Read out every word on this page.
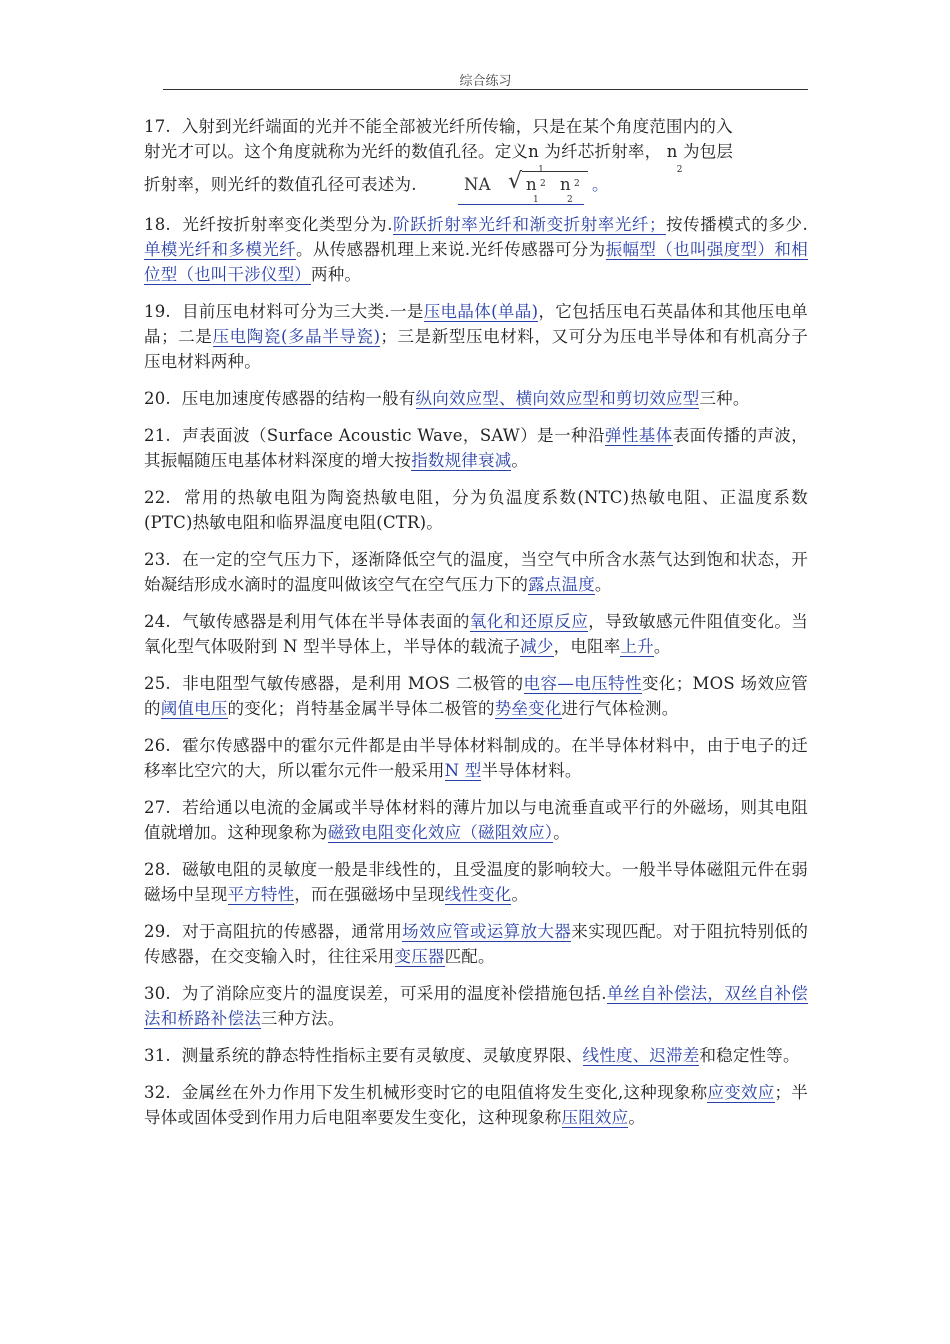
综合练习
17. 入射到光纤端面的光并不能全部被光纤所传输，只是在某个角度范围内的入
射光才可以。这个角度就称为光纤的数值孔径。定义n
1
为纤芯折射率， n
2
为包层
折射率，则光纤的数值孔径可表述为.	NA √ n 2
1
n 2
2
。
18. 光纤按折射率变化类型分为.阶跃折射率光纤和渐变折射率光纤；按传播模式的多少.单模光纤和多模光纤。从传感器机理上来说.光纤传感器可分为振幅型（也叫强度型）和相位型（也叫干涉仪型）两种。
19. 目前压电材料可分为三大类.一是压电晶体(单晶)，它包括压电石英晶体和其他压电单晶；二是压电陶瓷(多晶半导瓷)；三是新型压电材料，又可分为压电半导体和有机高分子压电材料两种。
20. 压电加速度传感器的结构一般有纵向效应型、横向效应型和剪切效应型三种。
21. 声表面波（Surface Acoustic Wave，SAW）是一种沿弹性基体表面传播的声波，其振幅随压电基体材料深度的增大按指数规律衰减。
22. 常用的热敏电阻为陶瓷热敏电阻，分为负温度系数(NTC)热敏电阻、正温度系数(PTC)热敏电阻和临界温度电阻(CTR)。
23. 在一定的空气压力下，逐渐降低空气的温度，当空气中所含水蒸气达到饱和状态，开始凝结形成水滴时的温度叫做该空气在空气压力下的露点温度。
24. 气敏传感器是利用气体在半导体表面的氧化和还原反应，导致敏感元件阻值变化。当氧化型气体吸附到 N 型半导体上，半导体的载流子减少，电阻率上升。
25. 非电阻型气敏传感器，是利用 MOS 二极管的电容—电压特性变化；MOS 场效应管的阈值电压的变化；肖特基金属半导体二极管的势垒变化进行气体检测。
26. 霍尔传感器中的霍尔元件都是由半导体材料制成的。在半导体材料中，由于电子的迁移率比空穴的大，所以霍尔元件一般采用N 型半导体材料。
27. 若给通以电流的金属或半导体材料的薄片加以与电流垂直或平行的外磁场，则其电阻值就增加。这种现象称为磁致电阻变化效应（磁阻效应）。
28. 磁敏电阻的灵敏度一般是非线性的，且受温度的影响较大。一般半导体磁阻元件在弱磁场中呈现平方特性，而在强磁场中呈现线性变化。
29. 对于高阻抗的传感器，通常用场效应管或运算放大器来实现匹配。对于阻抗特别低的传感器，在交变输入时，往往采用变压器匹配。
30. 为了消除应变片的温度误差，可采用的温度补偿措施包括.单丝自补偿法，双丝自补偿法和桥路补偿法三种方法。
31. 测量系统的静态特性指标主要有灵敏度、灵敏度界限、线性度、迟滞差和稳定性等。
32. 金属丝在外力作用下发生机械形变时它的电阻值将发生变化,这种现象称应变效应；半导体或固体受到作用力后电阻率要发生变化，这种现象称压阻效应。
